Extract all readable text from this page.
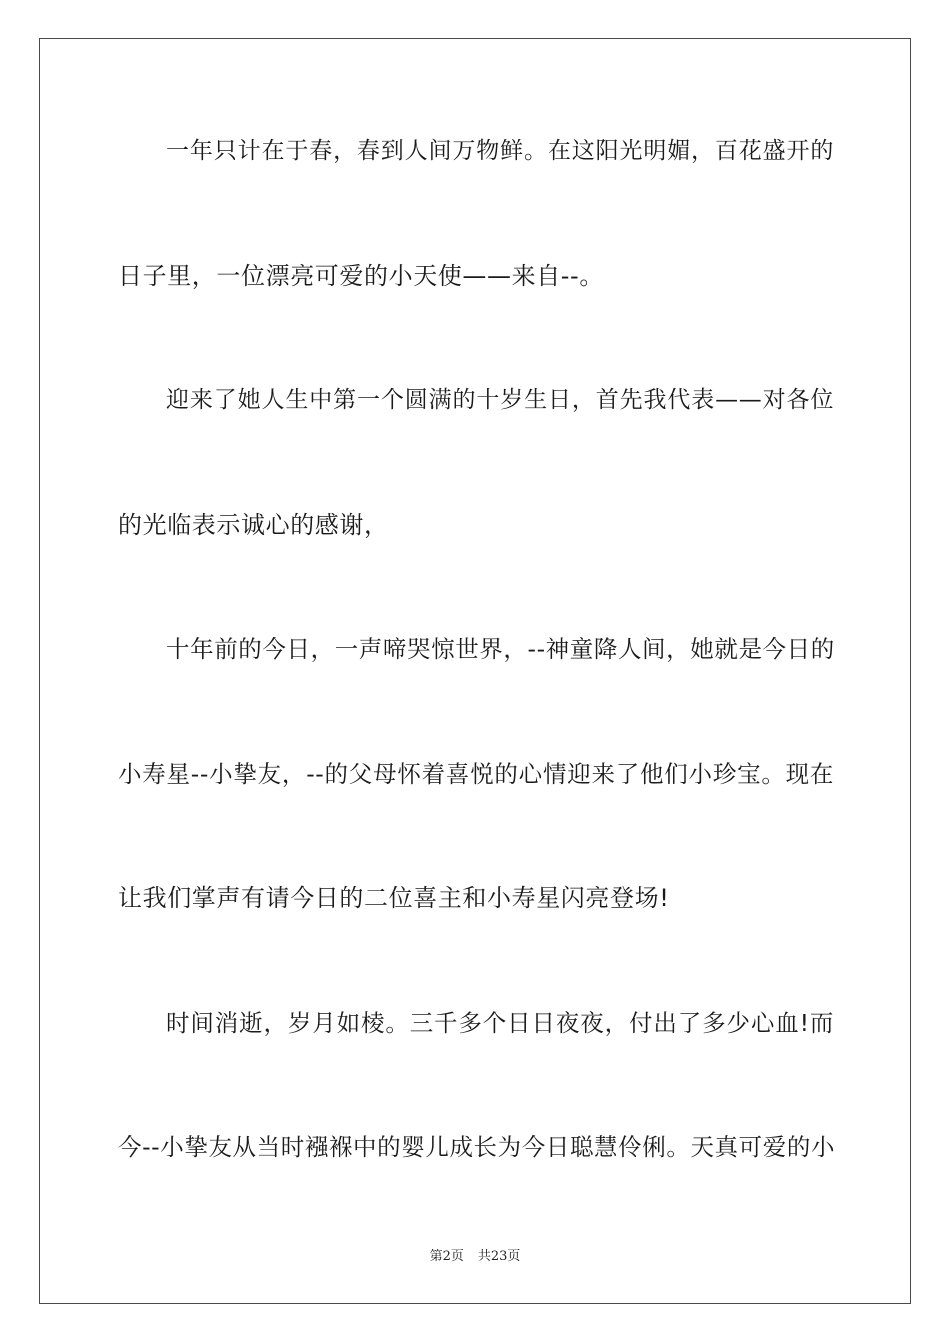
一年只计在于春，春到人间万物鲜。在这阳光明媚，百花盛开的
日子里，一位漂亮可爱的小天使——来自--。
迎来了她人生中第一个圆满的十岁生日，首先我代表——对各位
的光临表示诚心的感谢，
十年前的今日，一声啼哭惊世界，--神童降人间，她就是今日的
小寿星--小挚友，--的父母怀着喜悦的心情迎来了他们小珍宝。现在
让我们掌声有请今日的二位喜主和小寿星闪亮登场!
时间消逝，岁月如棱。三千多个日日夜夜，付出了多少心血!而
今--小挚友从当时襁褓中的婴儿成长为今日聪慧伶俐。天真可爱的小
第2页 共23页
